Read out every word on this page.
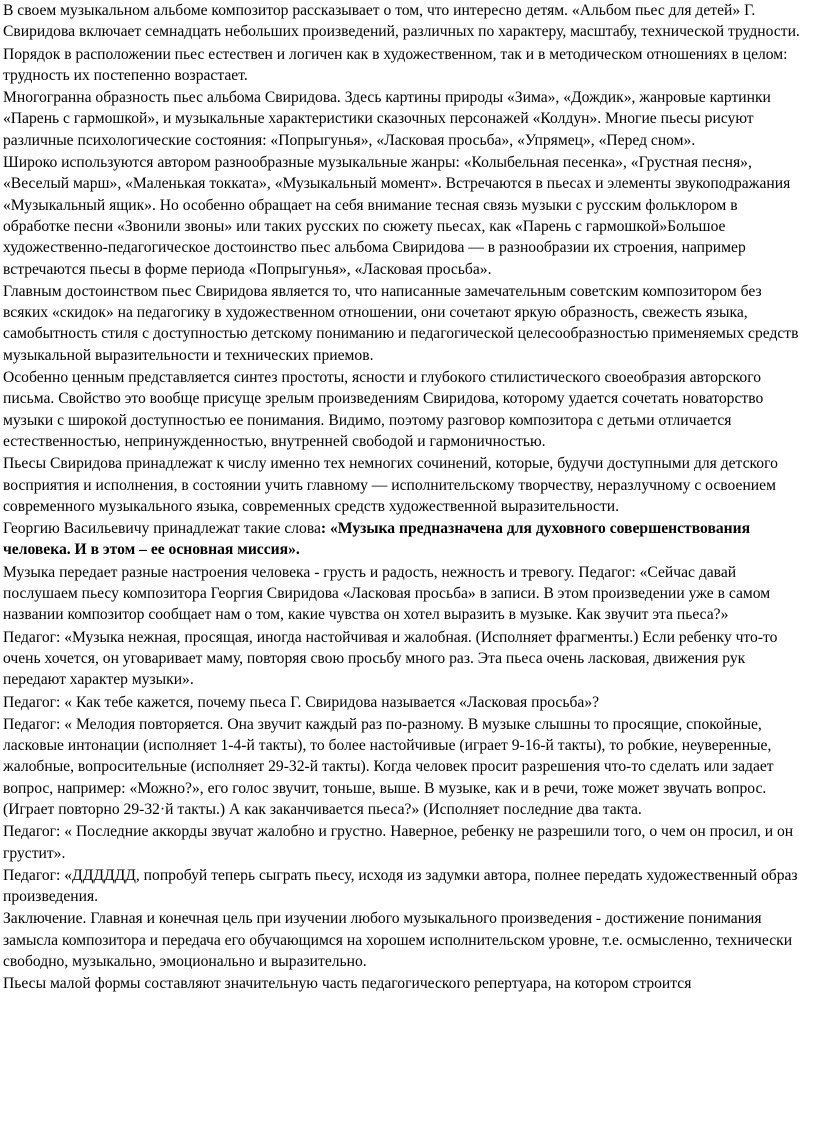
В своем музыкальном альбоме композитор рассказывает о том, что интересно детям. «Альбом пьес для детей» Г. Свиридова включает семнадцать небольших произведений, различных по характеру, масштабу, технической трудности.

Порядок в расположении пьес естествен и логичен как в художественном, так и в методическом отношениях в целом: трудность их постепенно возрастает.

Многогранна образность пьес альбома Свиридова. Здесь картины природы «Зима», «Дождик», жанровые картинки «Парень с гармошкой», и музыкальные характеристики сказочных персонажей «Колдун». Многие пьесы рисуют различные психологические состояния: «Попрыгунья», «Ласковая просьба», «Упрямец», «Перед сном».

Широко используются автором разнообразные музыкальные жанры: «Колыбельная песенка», «Грустная песня», «Веселый марш», «Маленькая токката», «Музыкальный момент». Встречаются в пьесах и элементы звукоподражания «Музыкальный ящик». Но особенно обращает на себя внимание тесная связь музыки с русским фольклором в обработке песни «Звонили звоны» или таких русских по сюжету пьесах, как «Парень с гармошкой»Большое художественно-педагогическое достоинство пьес альбома Свиридова — в разнообразии их строения, например встречаются пьесы в форме периода «Попрыгунья», «Ласковая просьба».

Главным достоинством пьес Свиридова является то, что написанные замечательным советским композитором без всяких «скидок» на педагогику в художественном отношении, они сочетают яркую образность, свежесть языка, самобытность стиля с доступностью детскому пониманию и педагогической целесообразностью применяемых средств музыкальной выразительности и технических приемов.

Особенно ценным представляется синтез простоты, ясности и глубокого стилистического своеобразия авторского письма. Свойство это вообще присуще зрелым произведениям Свиридова, которому удается сочетать новаторство музыки с широкой доступностью ее понимания. Видимо, поэтому разговор композитора с детьми отличается естественностью, непринужденностью, внутренней свободой и гармоничностью.

Пьесы Свиридова принадлежат к числу именно тех немногих сочинений, которые, будучи доступными для детского восприятия и исполнения, в состоянии учить главному — исполнительскому творчеству, неразлучному с освоением современного музыкального языка, современных средств художественной выразительности.

Георгию Васильевичу принадлежат такие слова: «Музыка предназначена для духовного совершенствования человека. И в этом – ее основная миссия».

Музыка передает разные настроения человека - грусть и радость, нежность и тревогу. Педагог: «Сейчас давай послушаем пьесу композитора Георгия Свиридова «Ласковая просьба» в записи. В этом произведении уже в самом названии композитор сообщает нам о том, какие чувства он хотел выразить в музыке. Как звучит эта пьеса?»

Педагог: «Музыка нежная, просящая, иногда настойчивая и жалобная. (Исполняет фрагменты.) Если ребенку что-то очень хочется, он уговаривает маму, повторяя свою просьбу много раз. Эта пьеса очень ласковая, движения рук передают характер музыки».

Педагог: « Как тебе кажется, почему пьеса Г. Свиридова называется «Ласковая просьба»?

Педагог: « Мелодия повторяется. Она звучит каждый раз по-разному. В музыке слышны то просящие, спокойные, ласковые интонации (исполняет 1-4-й такты), то более настойчивые (играет 9-16-й такты), то робкие, неуверенные, жалобные, вопросительные (исполняет 29-32-й такты). Когда человек просит разрешения что-то сделать или задает вопрос, например: «Можно?», его голос звучит, тоньше, выше. В музыке, как и в речи, тоже может звучать вопрос. (Играет повторно 29-32·й такты.) А как заканчивается пьеса?» (Исполняет последние два такта.

Педагог: « Последние аккорды звучат жалобно и грустно. Наверное, ребенку не разрешили того, о чем он просил, и он грустит».

Педагог: «ДДДДДД, попробуй теперь сыграть пьесу, исходя из задумки автора, полнее передать художественный образ произведения.

Заключение. Главная и конечная цель при изучении любого музыкального произведения - достижение понимания замысла композитора и передача его обучающимся на хорошем исполнительском уровне, т.е. осмысленно, технически свободно, музыкально, эмоционально и выразительно.

Пьесы малой формы составляют значительную часть педагогического репертуара, на котором строится
